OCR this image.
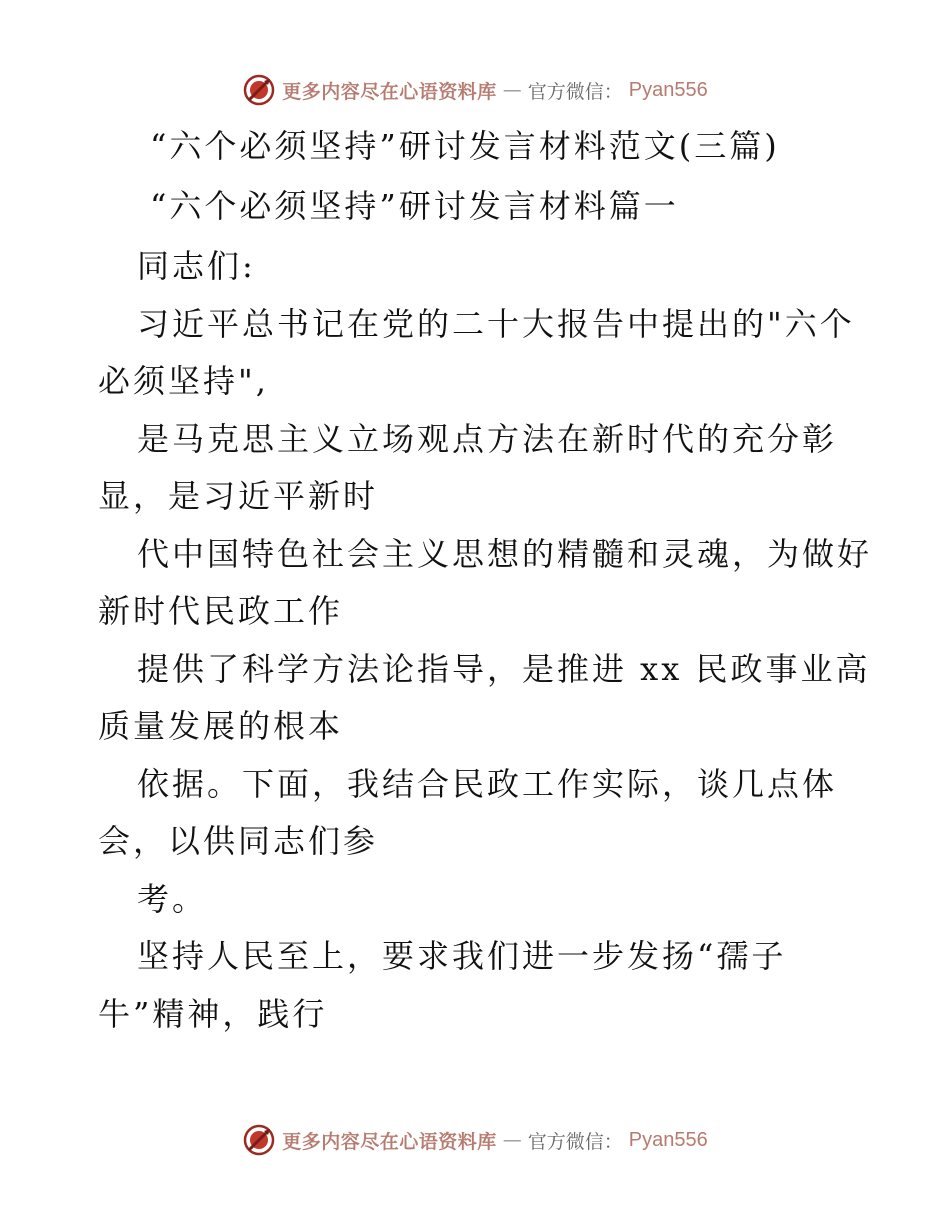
更多内容尽在心语资料库 — 官方微信： Pyan556
“六个必须坚持”研讨发言材料范文(三篇)
“六个必须坚持”研讨发言材料篇一
同志们:
习近平总书记在党的二十大报告中提出的"六个
必须坚持",
是马克思主义立场观点方法在新时代的充分彰
显，是习近平新时
代中国特色社会主义思想的精髓和灵魂，为做好
新时代民政工作
提供了科学方法论指导，是推进 xx 民政事业高
质量发展的根本
依据。下面，我结合民政工作实际，谈几点体
会，以供同志们参
考。
坚持人民至上，要求我们进一步发扬“孺子
牛”精神，践行
更多内容尽在心语资料库 — 官方微信： Pyan556
